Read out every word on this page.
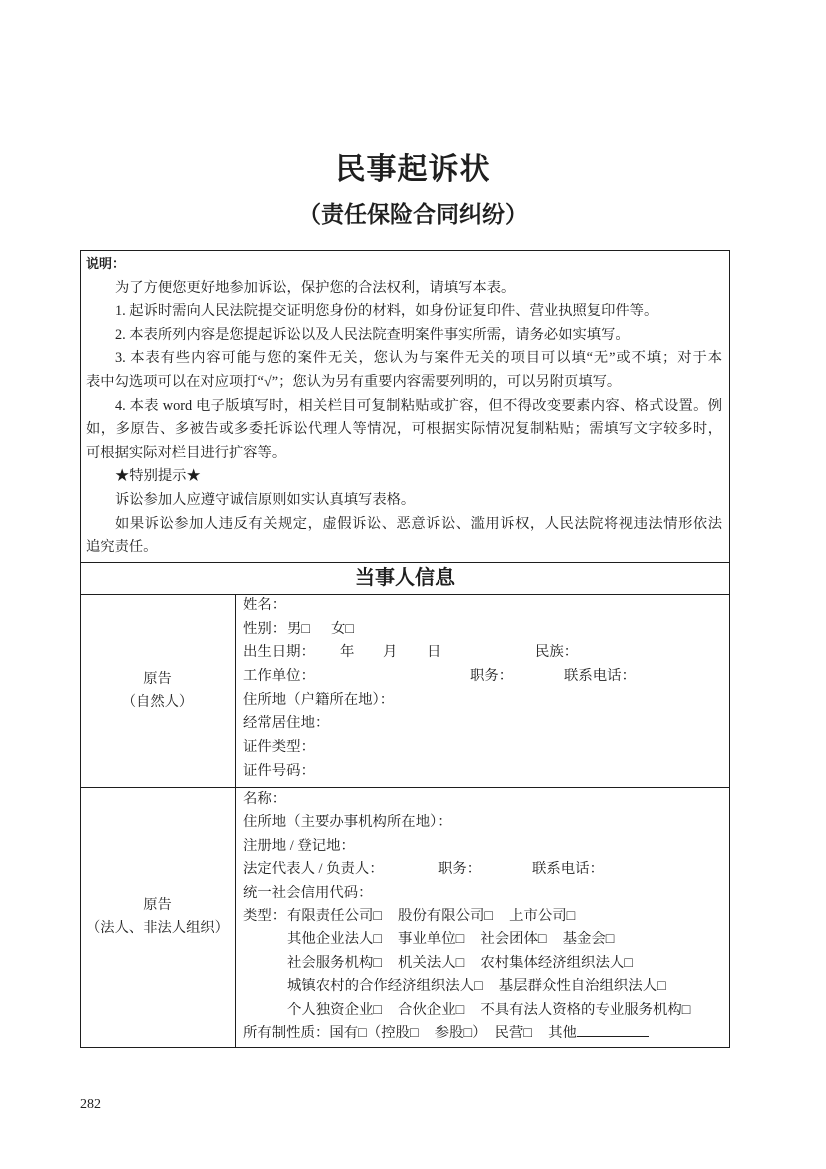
民事起诉状
（责任保险合同纠纷）
说明：
为了方便您更好地参加诉讼，保护您的合法权利，请填写本表。
1. 起诉时需向人民法院提交证明您身份的材料，如身份证复印件、营业执照复印件等。
2. 本表所列内容是您提起诉讼以及人民法院查明案件事实所需，请务必如实填写。
3. 本表有些内容可能与您的案件无关，您认为与案件无关的项目可以填“无”或不填；对于本
表中勾选项可以在对应项打“√”；您认为另有重要内容需要列明的，可以另附页填写。
4. 本表 word 电子版填写时，相关栏目可复制粘贴或扩容，但不得改变要素内容、格式设置。例
如，多原告、多被告或多委托诉讼代理人等情况，可根据实际情况复制粘贴；需填写文字较多时，
可根据实际对栏目进行扩容等。
★特别提示★
诉讼参加人应遵守诚信原则如实认真填写表格。
如果诉讼参加人违反有关规定，虚假诉讼、恶意诉讼、滥用诉权，人民法院将视违法情形依法
追究责任。
当事人信息
原告
（自然人）
姓名：
性别： 男□ 女□
出生日期： 年 月 日	民族：
工作单位：	职务：	联系电话：
住所地（户籍所在地）：
经常居住地：
证件类型：
证件号码：
原告
（法人、非法人组织）
名称：
住所地（主要办事机构所在地）：
注册地 / 登记地：
法定代表人 / 负责人：	职务：	联系电话：
统一社会信用代码：
类型： 有限责任公司□ 股份有限公司□ 上市公司□
其他企业法人□ 事业单位□ 社会团体□ 基金会□
社会服务机构□ 机关法人□ 农村集体经济组织法人□
城镇农村的合作经济组织法人□ 基层群众性自治组织法人□
个人独资企业□ 合伙企业□ 不具有法人资格的专业服务机构□
所有制性质： 国有□ （控股□ 参股□） 民营□ 其他
282
